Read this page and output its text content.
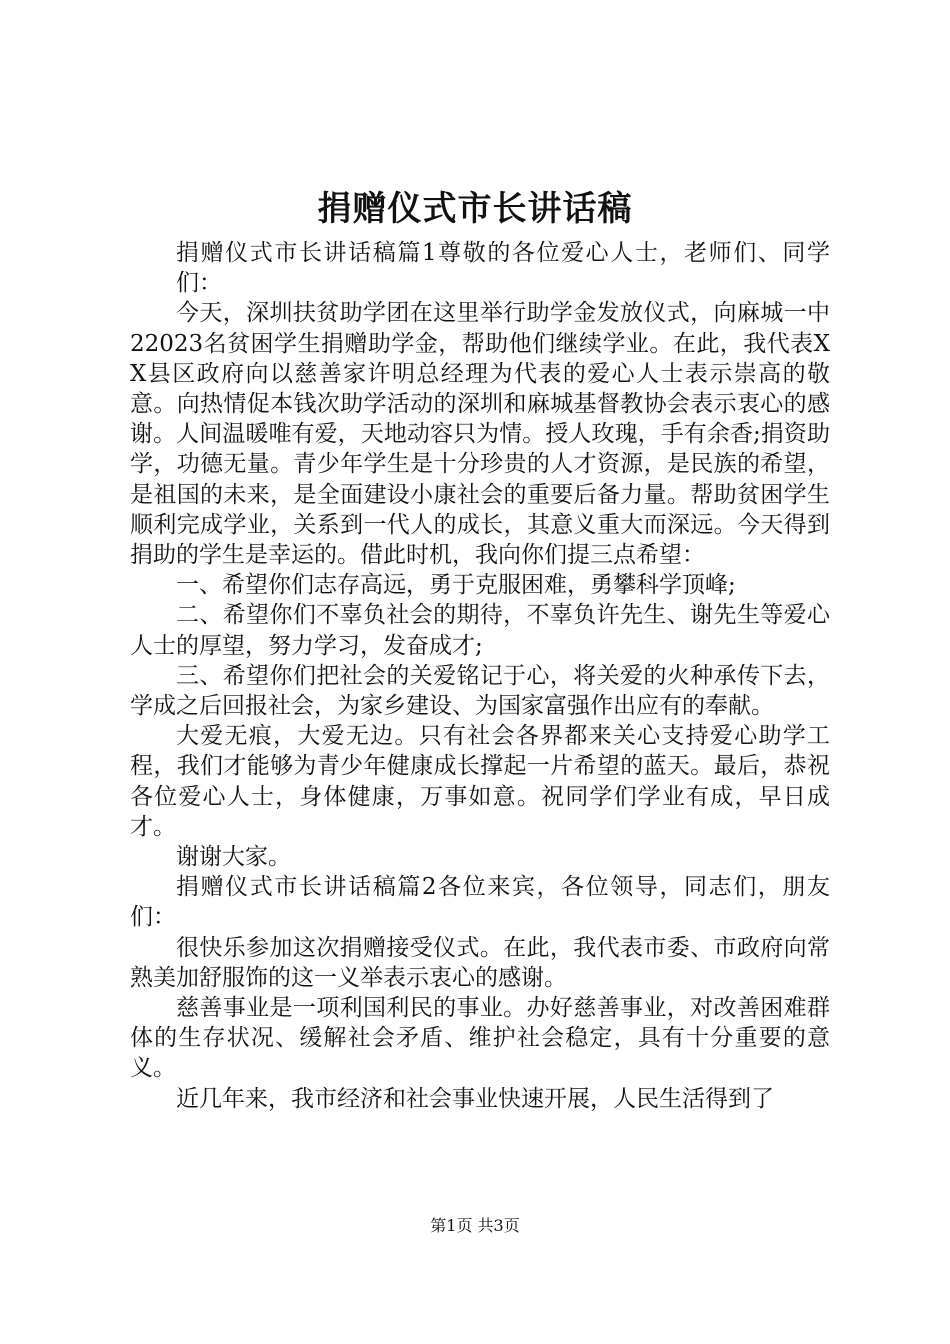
捐赠仪式市长讲话稿

捐赠仪式市长讲话稿篇1尊敬的各位爱心人士，老师们、同学们：

今天，深圳扶贫助学团在这里举行助学金发放仪式，向麻城一中22023名贫困学生捐赠助学金，帮助他们继续学业。在此，我代表XX县区政府向以慈善家许明总经理为代表的爱心人士表示崇高的敬意。向热情促本钱次助学活动的深圳和麻城基督教协会表示衷心的感谢。人间温暖唯有爱，天地动容只为情。授人玫瑰，手有余香;捐资助学，功德无量。青少年学生是十分珍贵的人才资源，是民族的希望，是祖国的未来，是全面建设小康社会的重要后备力量。帮助贫困学生顺利完成学业，关系到一代人的成长，其意义重大而深远。今天得到捐助的学生是幸运的。借此时机，我向你们提三点希望：

一、希望你们志存高远，勇于克服困难，勇攀科学顶峰;

二、希望你们不辜负社会的期待，不辜负许先生、谢先生等爱心人士的厚望，努力学习，发奋成才;

三、希望你们把社会的关爱铭记于心，将关爱的火种承传下去，学成之后回报社会，为家乡建设、为国家富强作出应有的奉献。

大爱无痕，大爱无边。只有社会各界都来关心支持爱心助学工程，我们才能够为青少年健康成长撑起一片希望的蓝天。最后，恭祝各位爱心人士，身体健康，万事如意。祝同学们学业有成，早日成才。

谢谢大家。

捐赠仪式市长讲话稿篇2各位来宾，各位领导，同志们，朋友们：

很快乐参加这次捐赠接受仪式。在此，我代表市委、市政府向常熟美加舒服饰的这一义举表示衷心的感谢。

慈善事业是一项利国利民的事业。办好慈善事业，对改善困难群体的生存状况、缓解社会矛盾、维护社会稳定，具有十分重要的意义。

近几年来，我市经济和社会事业快速开展，人民生活得到了

第1页 共3页
